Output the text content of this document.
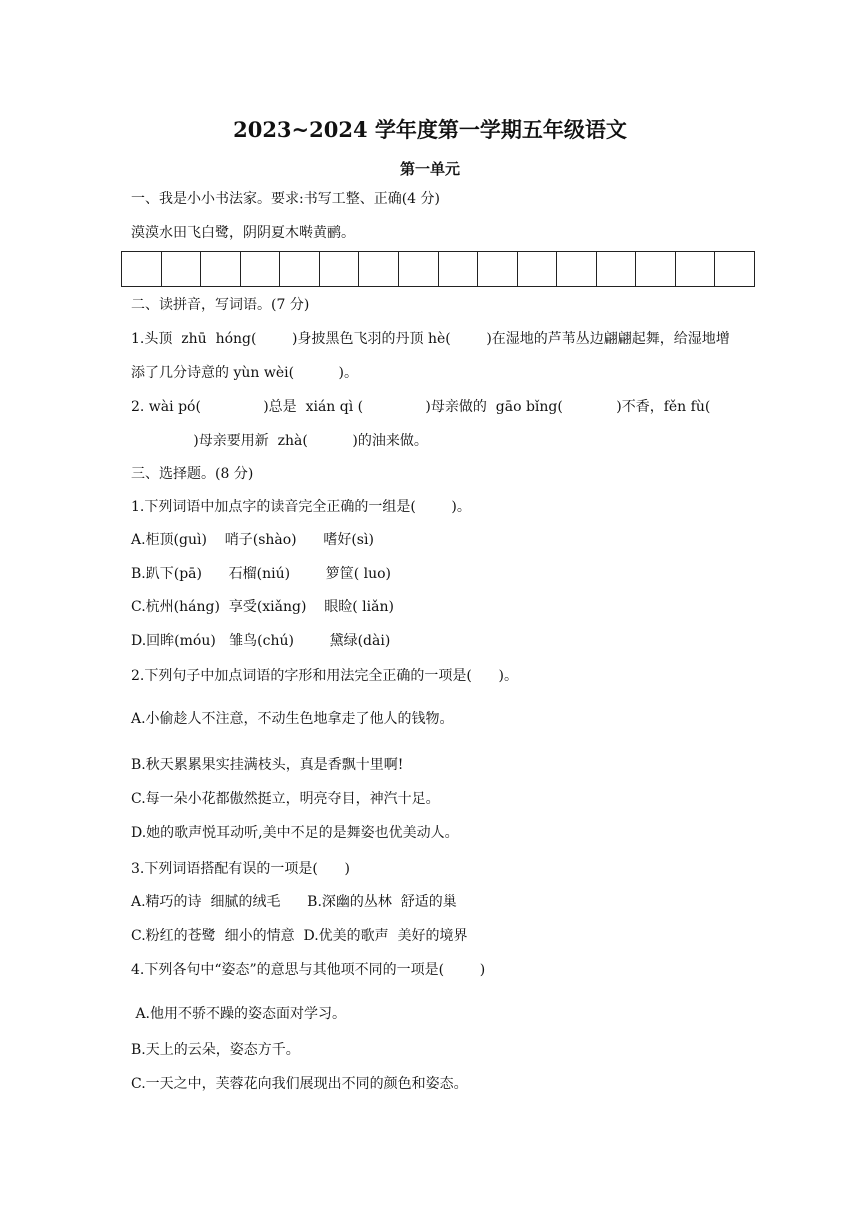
2023~2024 学年度第一学期五年级语文
第一单元
一、我是小小书法家。要求:书写工整、正确(4 分)
漠漠水田飞白鹭，阴阴夏木啭黄鹂。
二、读拼音，写词语。(7 分)
1.头顶  zhū  hóng(        )身披黑色飞羽的丹顶 hè(        )在湿地的芦苇丛边翩翩起舞，给湿地增
添了几分诗意的 yùn wèi(          )。
2. wài pó(              )总是  xián qì (              )母亲做的  gāo bǐng(            )不香，fěn fù(
)母亲要用新  zhà(          )的油来做。
三、选择题。(8 分)
1.下列词语中加点字的读音完全正确的一组是(        )。
A.柜顶(guì)    哨子(shào)      嗜好(sì)
B.趴下(pā)      石榴(niú)        箩筐( luo)
C.杭州(háng)  享受(xiǎng)    眼睑( liǎn)
D.回眸(móu)   雏鸟(chú)        黛绿(dài)
2.下列句子中加点词语的字形和用法完全正确的一项是(      )。
A.小偷趁人不注意，不动生色地拿走了他人的钱物。
B.秋天累累果实挂满枝头，真是香飘十里啊!
C.每一朵小花都傲然挺立，明亮夺目，神汽十足。
D.她的歌声悦耳动听,美中不足的是舞姿也优美动人。
3.下列词语搭配有误的一项是(      )
A.精巧的诗  细腻的绒毛      B.深幽的丛林  舒适的巢
C.粉红的苍鹭  细小的情意  D.优美的歌声  美好的境界
4.下列各句中“姿态”的意思与其他项不同的一项是(        )
A.他用不骄不躁的姿态面对学习。
B.天上的云朵，姿态方千。
C.一天之中，芙蓉花向我们展现出不同的颜色和姿态。
